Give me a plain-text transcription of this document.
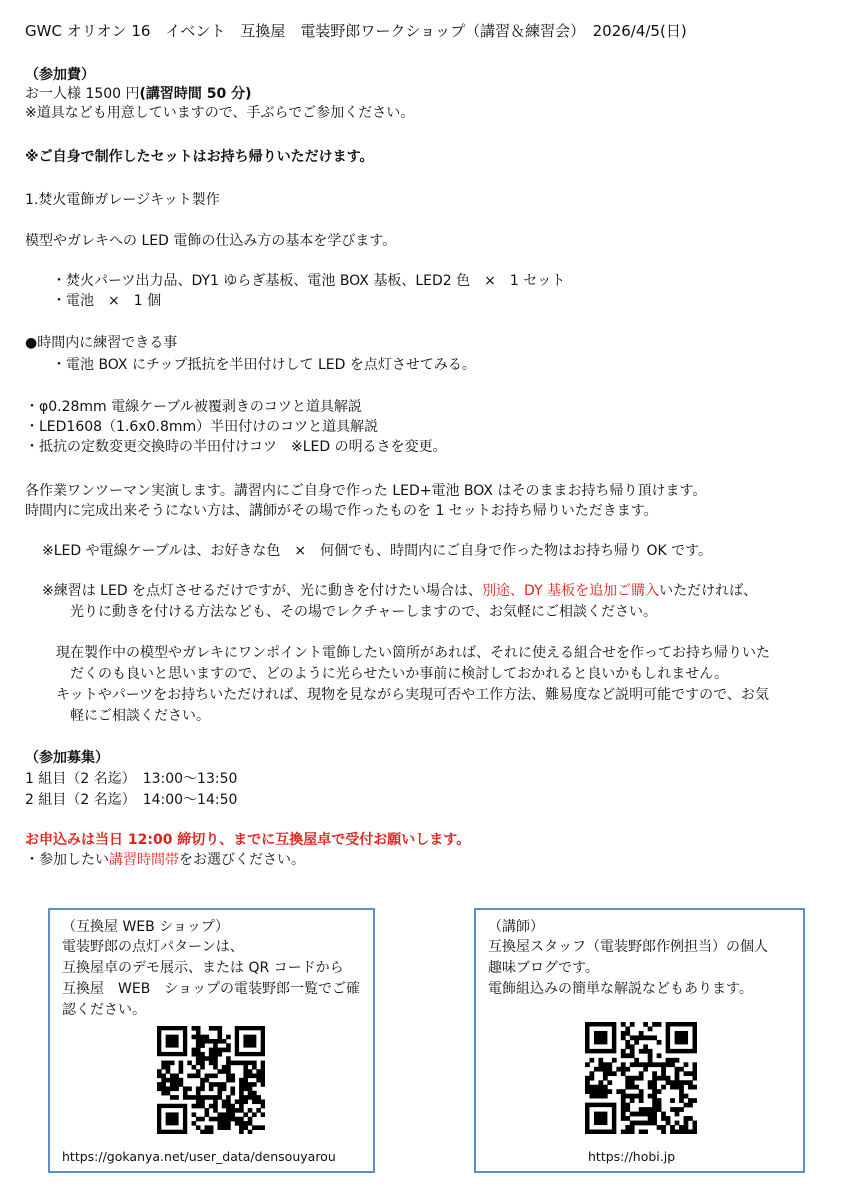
GWC オリオン 16　イベント　互換屋　電装野郎ワークショップ（講習＆練習会）　2026/4/5(日)
（参加費）
お一人様 1500 円(講習時間 50 分)
※道具なども用意していますので、手ぶらでご参加ください。
※ご自身で制作したセットはお持ち帰りいただけます。
1.焚火電飾ガレージキット製作
模型やガレキへの LED 電飾の仕込み方の基本を学びます。
・焚火パーツ出力品、DY1 ゆらぎ基板、電池 BOX 基板、LED2 色　×　1 セット
・電池　×　1 個
●時間内に練習できる事
・電池 BOX にチップ抵抗を半田付けして LED を点灯させてみる。
・φ0.28mm 電線ケーブル被覆剥きのコツと道具解説
・LED1608（1.6x0.8mm）半田付けのコツと道具解説
・抵抗の定数変更交換時の半田付けコツ　※LED の明るさを変更。
各作業ワンツーマン実演します。講習内にご自身で作った LED+電池 BOX はそのままお持ち帰り頂けます。
時間内に完成出来そうにない方は、講師がその場で作ったものを 1 セットお持ち帰りいただきます。
※LED や電線ケーブルは、お好きな色　×　何個でも、時間内にご自身で作った物はお持ち帰り OK です。
※練習は LED を点灯させるだけですが、光に動きを付けたい場合は、別途、DY 基板を追加ご購入いただければ、
光りに動きを付ける方法なども、その場でレクチャーしますので、お気軽にご相談ください。
現在製作中の模型やガレキにワンポイント電飾したい箇所があれば、それに使える組合せを作ってお持ち帰りいた
だくのも良いと思いますので、どのように光らせたいか事前に検討しておかれると良いかもしれません。
キットやパーツをお持ちいただければ、現物を見ながら実現可否や工作方法、難易度など説明可能ですので、お気
軽にご相談ください。
（参加募集）
1 組目（2 名迄）　13:00～13:50
2 組目（2 名迄）　14:00～14:50
お申込みは当日 12:00 締切り、までに互換屋卓で受付お願いします。
・参加したい講習時間帯をお選びください。
（互換屋 WEB ショップ）
電装野郎の点灯パターンは、
互換屋卓のデモ展示、または QR コードから
互換屋　WEB　ショップの電装野郎一覧でご確
認ください。
https://gokanya.net/user_data/densouyarou
（講師）
互換屋スタッフ（電装野郎作例担当）の個人
趣味ブログです。
電飾組込みの簡単な解説などもあります。
https://hobi.jp
